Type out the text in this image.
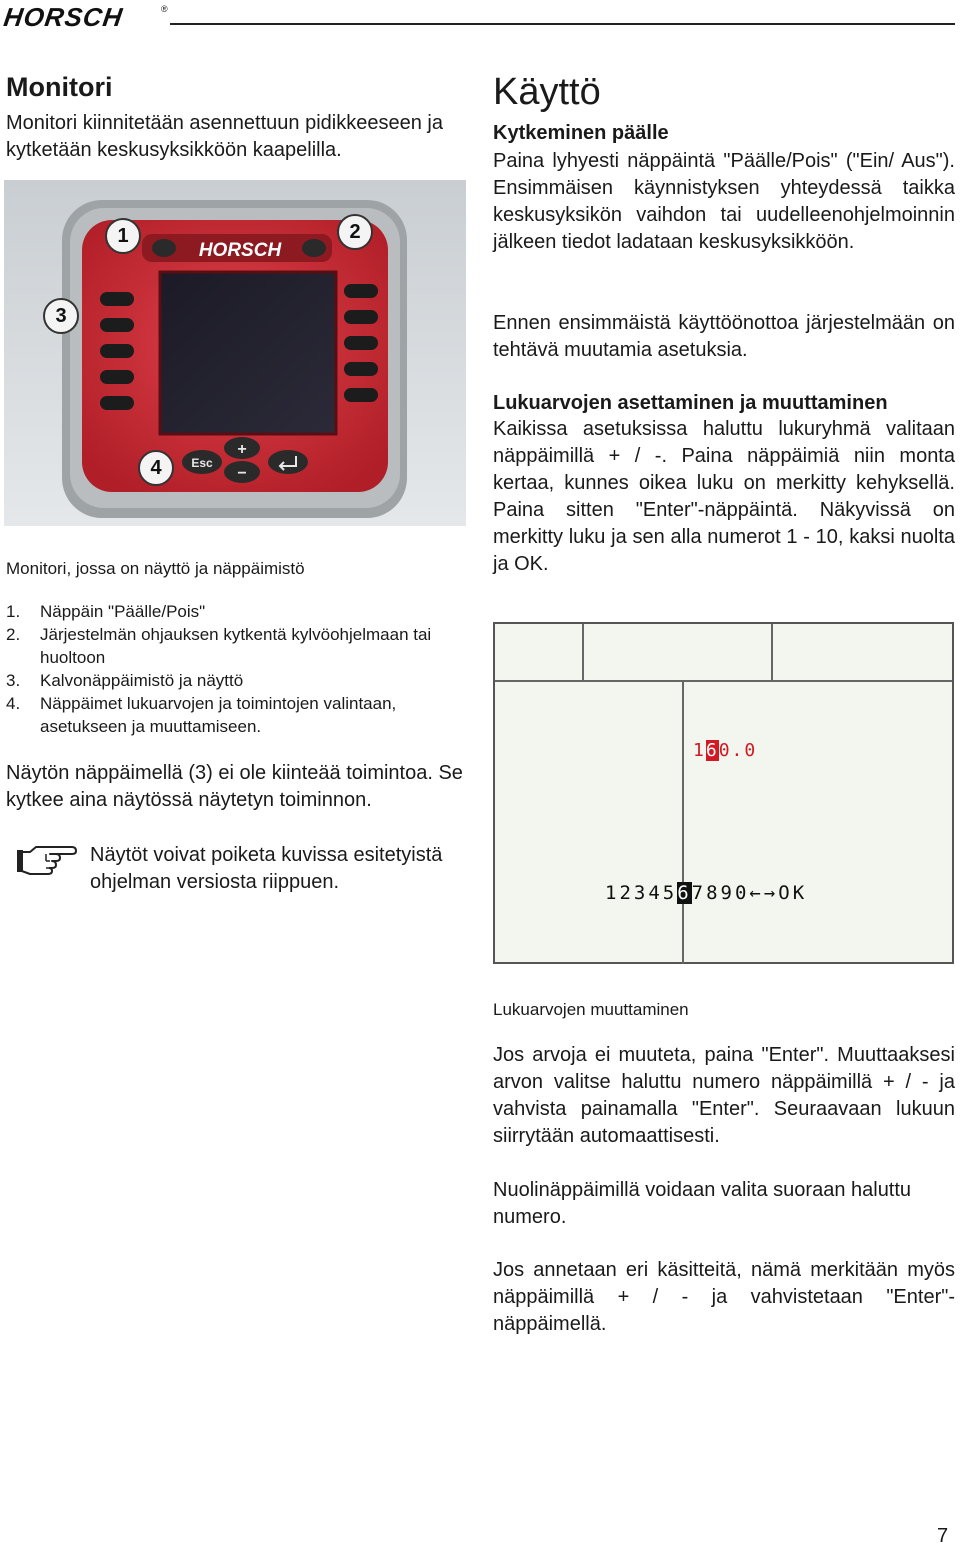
HORSCH	®
Monitori
Monitori kiinnitetään asennettuun pidikkeeseen ja kytketään keskusyksikköön kaapelilla.
HORSCH
Esc
+
−
1	2
3
4
Monitori, jossa on näyttö ja näppäimistö
1.	Näppäin "Päälle/Pois"
2.	Järjestelmän ohjauksen kytkentä kylvöohjelmaan tai huoltoon
3.	Kalvonäppäimistö ja näyttö
4.	Näppäimet lukuarvojen ja toimintojen valintaan, asetukseen ja muuttamiseen.
Näytön näppäimellä (3) ei ole kiinteää toimintoa. Se kytkee aina näytössä näytetyn toiminnon.
Näytöt voivat poiketa kuvissa esitetyistä ohjelman versiosta riippuen.
Käyttö
Kytkeminen päälle
Paina lyhyesti näppäintä "Päälle/Pois" ("Ein/ Aus"). Ensimmäisen käynnistyksen yhteydessä taikka keskusyksikön vaihdon tai uudelleenohjelmoinnin jälkeen tiedot ladataan keskusyksikköön.
Ennen ensimmäistä käyttöönottoa järjestelmään on tehtävä muutamia asetuksia.
Lukuarvojen asettaminen ja muuttaminen
Kaikissa asetuksissa haluttu lukuryhmä valitaan näppäimillä + / -. Paina näppäimiä niin monta kertaa, kunnes oikea luku on merkitty kehyksellä. Paina sitten "Enter"-näppäintä. Näkyvissä on merkitty luku ja sen alla numerot 1 - 10, kaksi nuolta ja OK.
160.0
1234567890←→OK
Lukuarvojen muuttaminen
Jos arvoja ei muuteta, paina "Enter". Muuttaaksesi arvon valitse haluttu numero näppäimillä + / - ja vahvista painamalla "Enter". Seuraavaan lukuun siirrytään automaattisesti.
Nuolinäppäimillä voidaan valita suoraan haluttu numero.
Jos annetaan eri käsitteitä, nämä merkitään myös näppäimillä + / - ja vahvistetaan "Enter"-näppäimellä.
7
